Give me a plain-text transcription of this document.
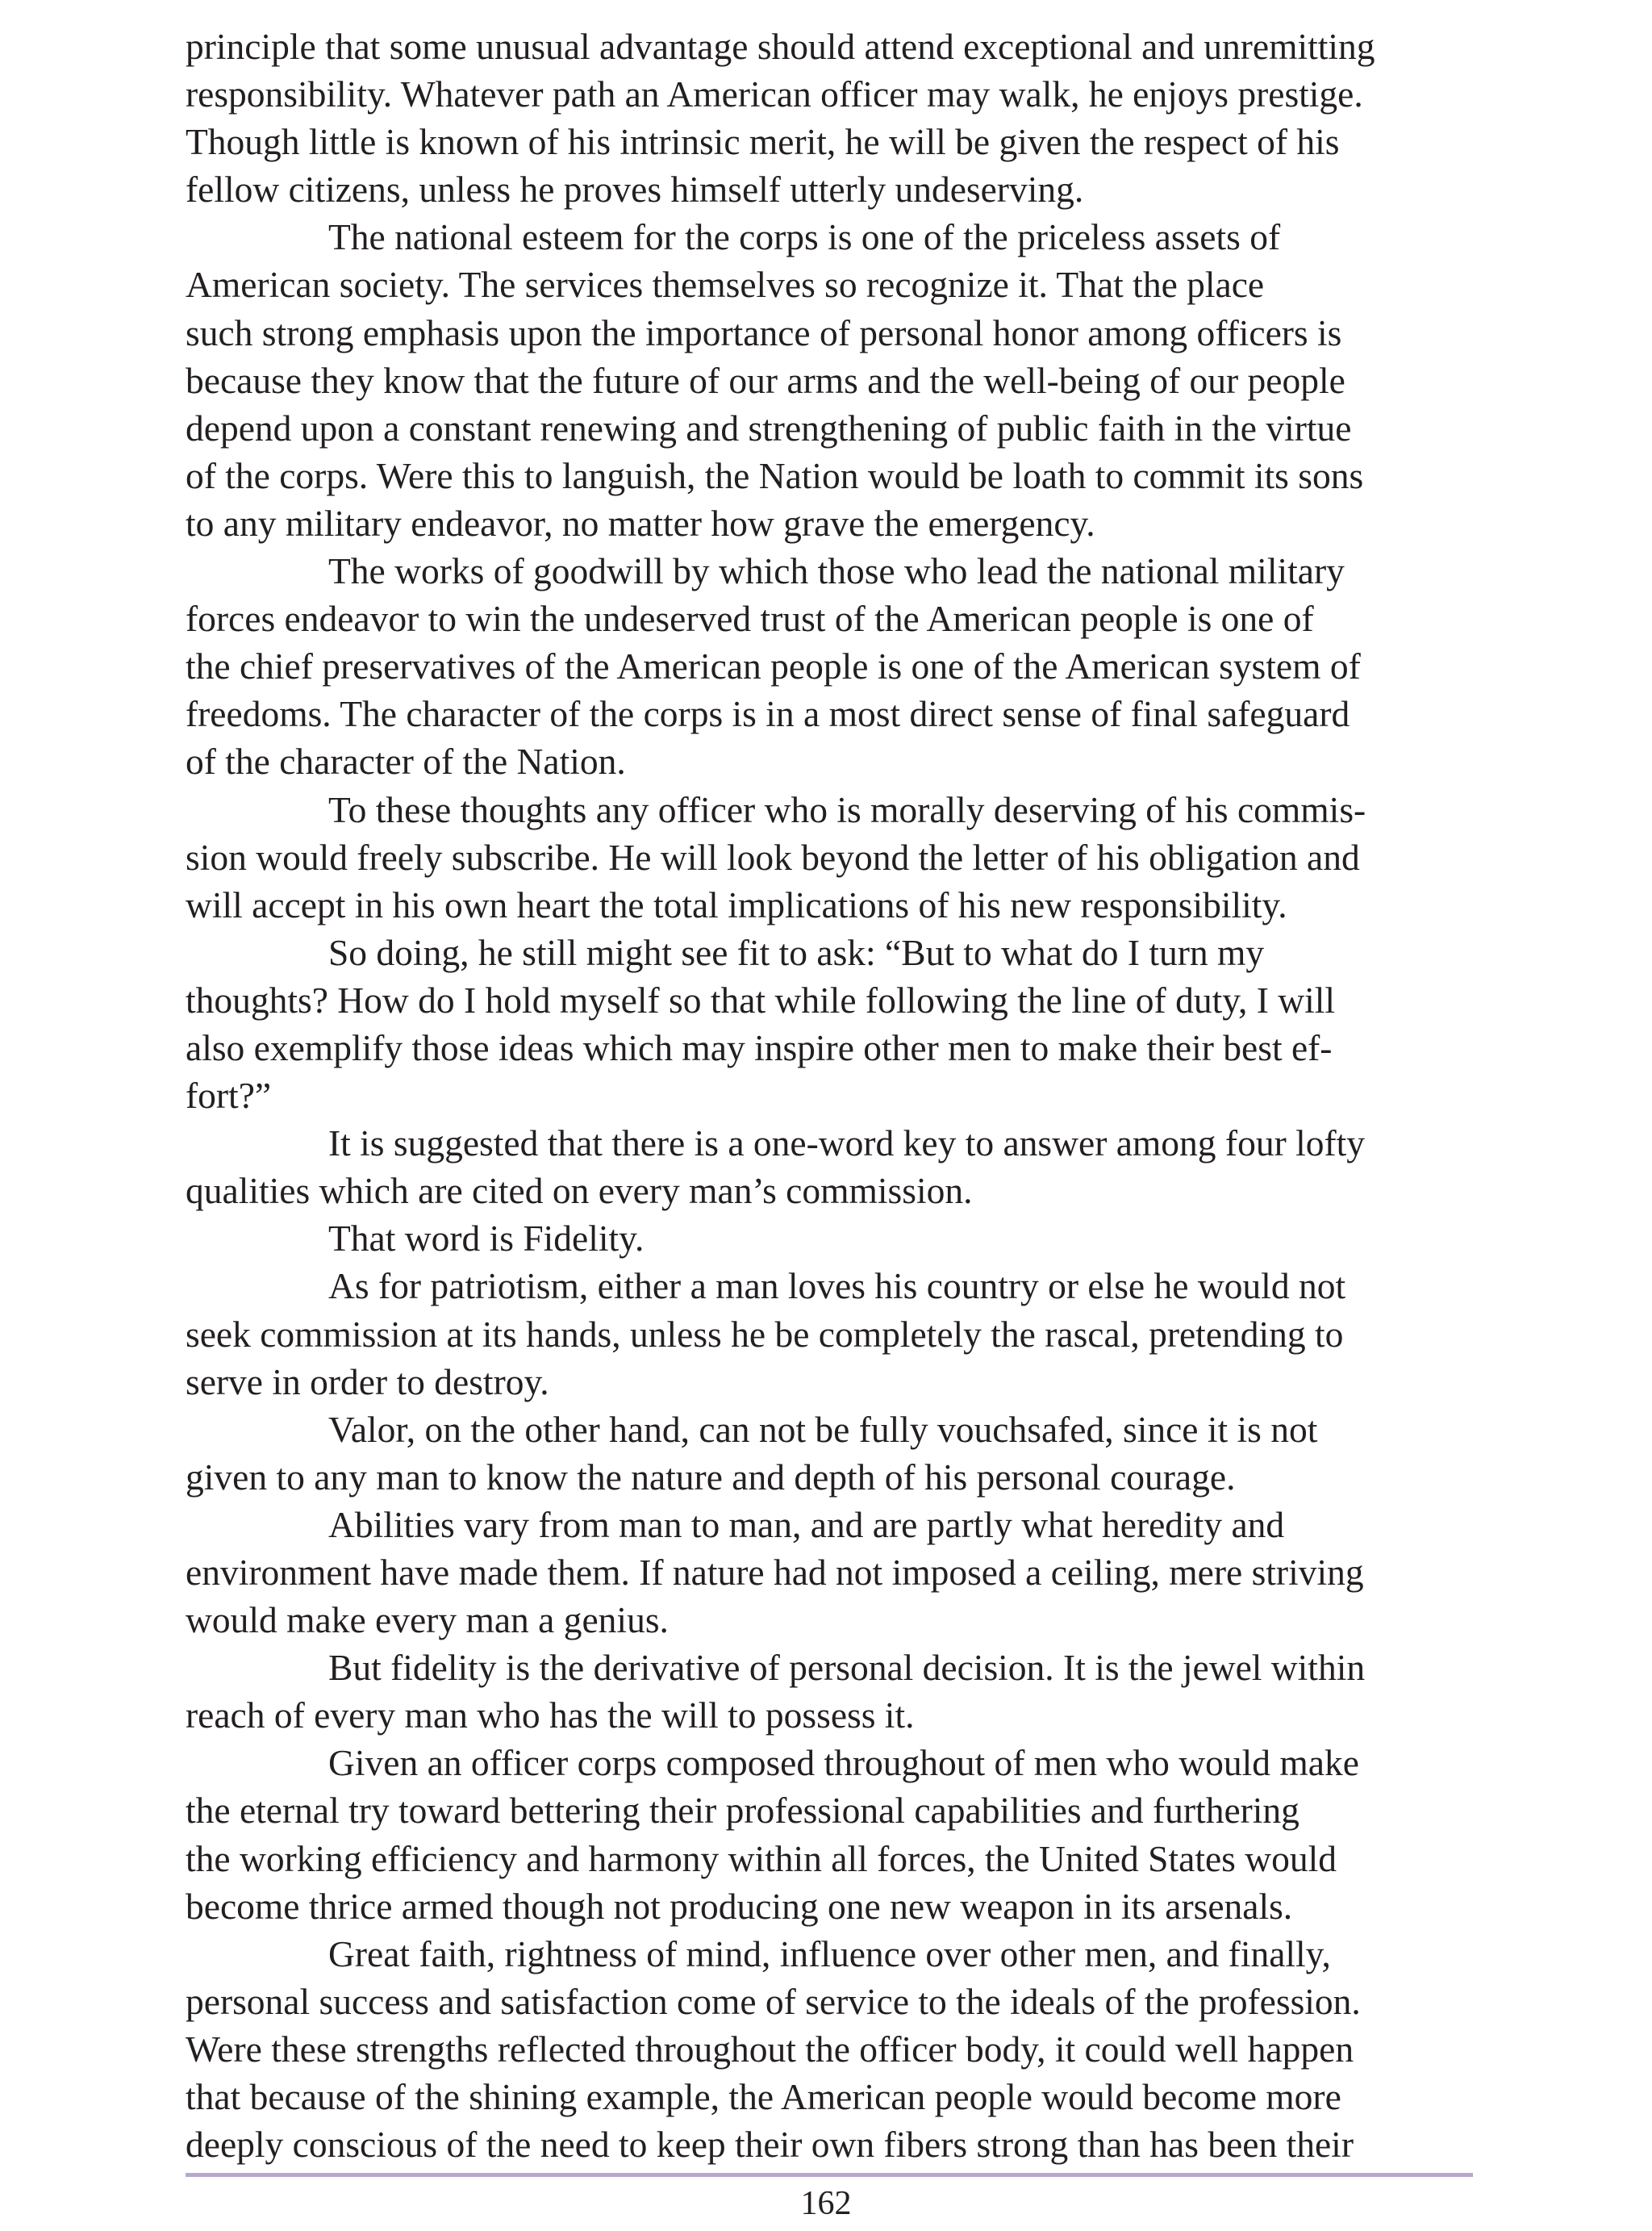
principle that some unusual advantage should attend exceptional and unremitting
responsibility. Whatever path an American officer may walk, he enjoys prestige.
Though little is known of his intrinsic merit, he will be given the respect of his
fellow citizens, unless he proves himself utterly undeserving.
The national esteem for the corps is one of the priceless assets of
American society. The services themselves so recognize it. That the place
such strong emphasis upon the importance of personal honor among officers is
because they know that the future of our arms and the well-being of our people
depend upon a constant renewing and strengthening of public faith in the virtue
of the corps. Were this to languish, the Nation would be loath to commit its sons
to any military endeavor, no matter how grave the emergency.
The works of goodwill by which those who lead the national military
forces endeavor to win the undeserved trust of the American people is one of
the chief preservatives of the American people is one of the American system of
freedoms. The character of the corps is in a most direct sense of final safeguard
of the character of the Nation.
To these thoughts any officer who is morally deserving of his commis-
sion would freely subscribe. He will look beyond the letter of his obligation and
will accept in his own heart the total implications of his new responsibility.
So doing, he still might see fit to ask: “But to what do I turn my
thoughts? How do I hold myself so that while following the line of duty, I will
also exemplify those ideas which may inspire other men to make their best ef-
fort?”
It is suggested that there is a one-word key to answer among four lofty
qualities which are cited on every man’s commission.
That word is Fidelity.
As for patriotism, either a man loves his country or else he would not
seek commission at its hands, unless he be completely the rascal, pretending to
serve in order to destroy.
Valor, on the other hand, can not be fully vouchsafed, since it is not
given to any man to know the nature and depth of his personal courage.
Abilities vary from man to man, and are partly what heredity and
environment have made them. If nature had not imposed a ceiling, mere striving
would make every man a genius.
But fidelity is the derivative of personal decision. It is the jewel within
reach of every man who has the will to possess it.
Given an officer corps composed throughout of men who would make
the eternal try toward bettering their professional capabilities and furthering
the working efficiency and harmony within all forces, the United States would
become thrice armed though not producing one new weapon in its arsenals.
Great faith, rightness of mind, influence over other men, and finally,
personal success and satisfaction come of service to the ideals of the profession.
Were these strengths reflected throughout the officer body, it could well happen
that because of the shining example, the American people would become more
deeply conscious of the need to keep their own fibers strong than has been their
162
